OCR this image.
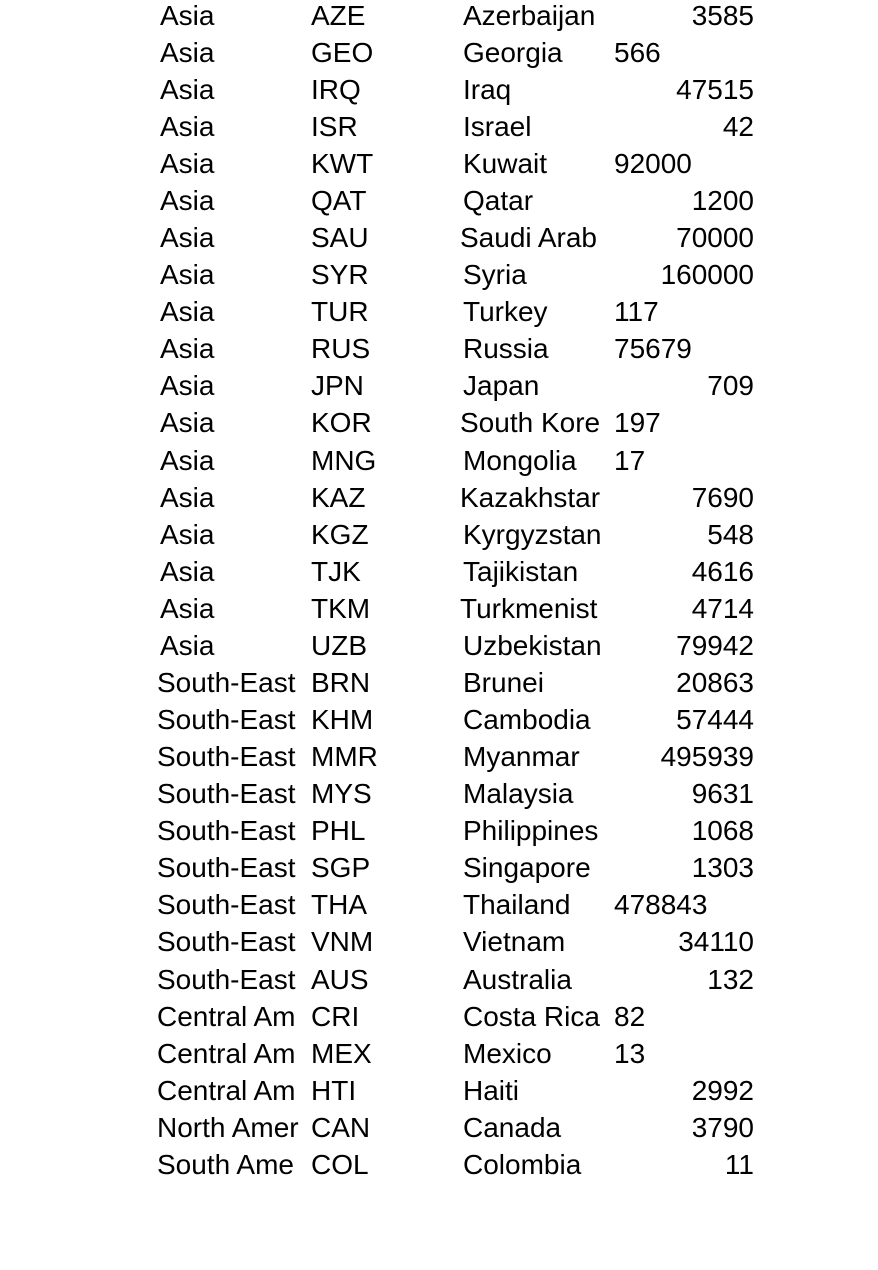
Asia	AZE	Azerbaijan	3585
Asia	GEO	Georgia	566
Asia	IRQ	Iraq	47515
Asia	ISR	Israel	42
Asia	KWT	Kuwait	92000
Asia	QAT	Qatar	1200
Asia	SAU	Saudi Arab	70000
Asia	SYR	Syria	160000
Asia	TUR	Turkey	117
Asia	RUS	Russia	75679
Asia	JPN	Japan	709
Asia	KOR	South Kore 197
Asia	MNG	Mongolia	17
Asia	KAZ	Kazakhstar	7690
Asia	KGZ	Kyrgyzstan	548
Asia	TJK	Tajikistan	4616
Asia	TKM	Turkmenist	4714
Asia	UZB	Uzbekistan	79942
South-East BRN	Brunei	20863
South-East KHM	Cambodia	57444
South-East MMR	Myanmar	495939
South-East MYS	Malaysia	9631
South-East PHL	Philippines	1068
South-East SGP	Singapore	1303
South-East THA	Thailand	478843
South-East VNM	Vietnam	34110
South-East AUS	Australia	132
Central Am CRI	Costa Rica 82
Central Am MEX	Mexico	13
Central Am HTI	Haiti	2992
North Amer CAN	Canada	3790
South Ame COL	Colombia	11
